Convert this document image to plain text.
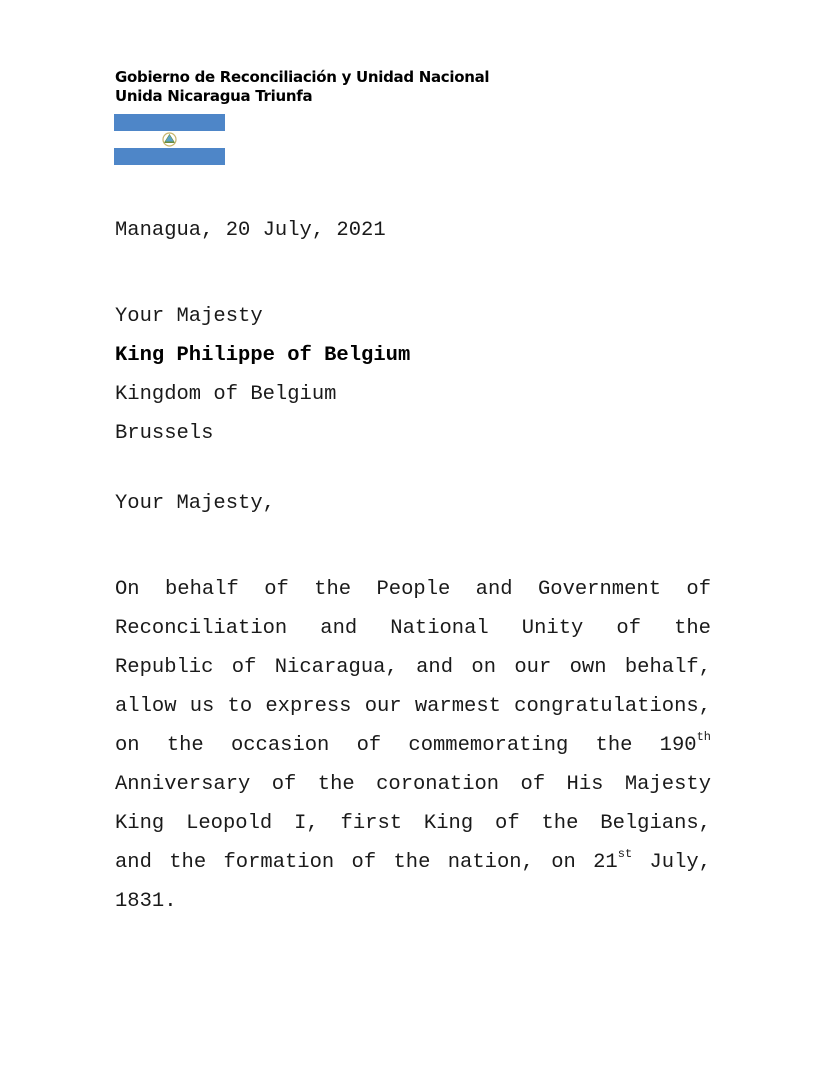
Gobierno de Reconciliación y Unidad Nacional
Unida Nicaragua Triunfa
Managua, 20 July, 2021
Your Majesty
King Philippe of Belgium
Kingdom of Belgium
Brussels
Your Majesty,
On behalf of the People and Government of
Reconciliation and National Unity of the
Republic of Nicaragua, and on our own behalf,
allow us to express our warmest congratulations,
on the occasion of commemorating the 190th
Anniversary of the coronation of His Majesty
King Leopold I, first King of the Belgians,
and the formation of the nation, on 21st July,
1831.
